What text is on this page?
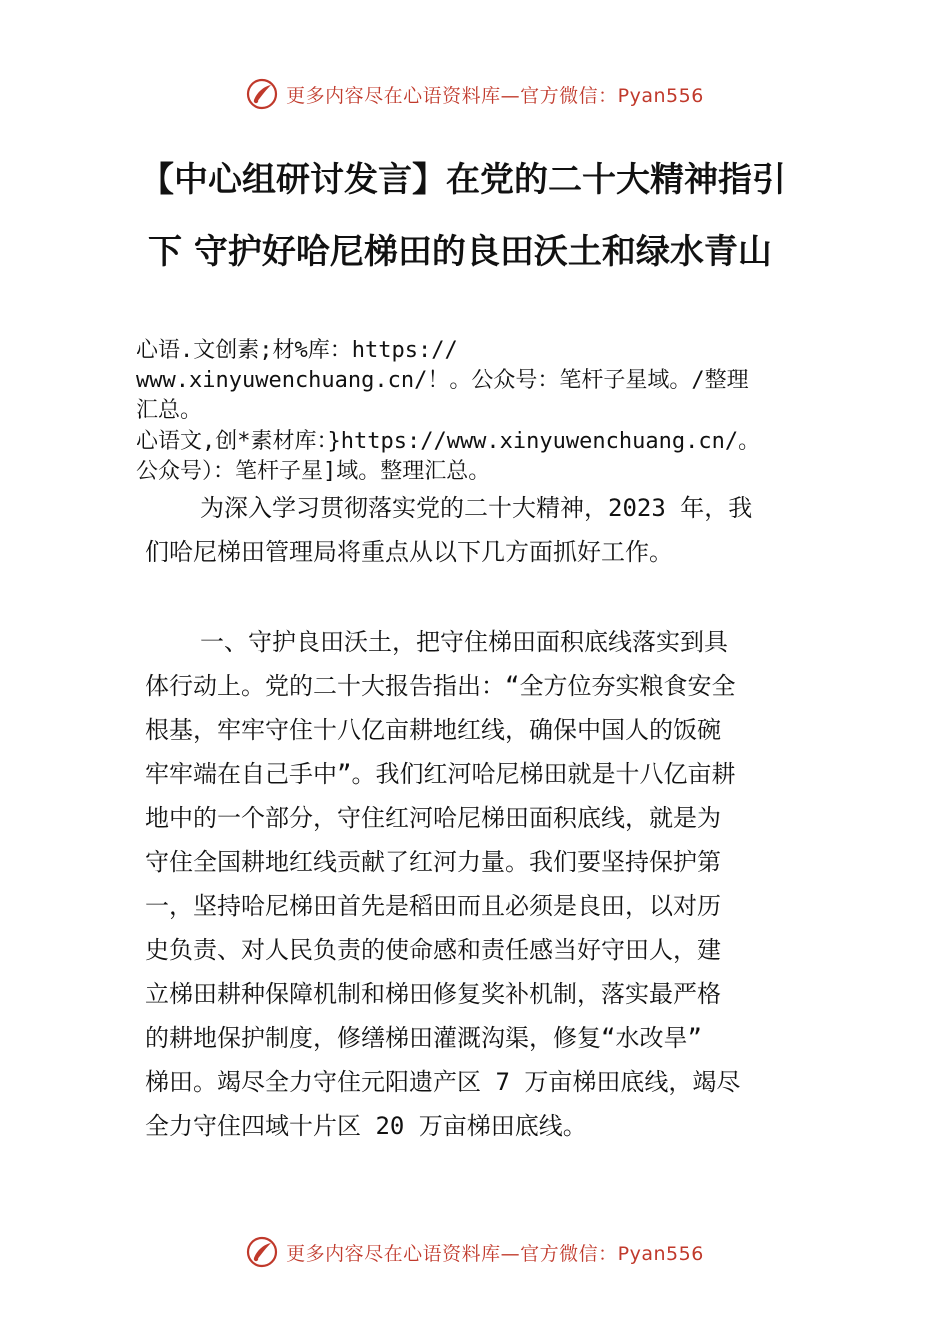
更多内容尽在心语资料库—官方微信：Pyan556
【中心组研讨发言】在党的二十大精神指引
下 守护好哈尼梯田的良田沃土和绿水青山
心语.文创素;材%库：https://
www.xinyuwenchuang.cn/！。公众号：笔杆子星域。/整理
汇总。
心语文,创*素材库：}https://www.xinyuwenchuang.cn/。
公众号）：笔杆子星]域。整理汇总。
为深入学习贯彻落实党的二十大精神，2023 年，我
们哈尼梯田管理局将重点从以下几方面抓好工作。
一、守护良田沃土，把守住梯田面积底线落实到具
体行动上。党的二十大报告指出：“全方位夯实粮食安全
根基，牢牢守住十八亿亩耕地红线，确保中国人的饭碗
牢牢端在自己手中”。我们红河哈尼梯田就是十八亿亩耕
地中的一个部分，守住红河哈尼梯田面积底线，就是为
守住全国耕地红线贡献了红河力量。我们要坚持保护第
一，坚持哈尼梯田首先是稻田而且必须是良田，以对历
史负责、对人民负责的使命感和责任感当好守田人，建
立梯田耕种保障机制和梯田修复奖补机制，落实最严格
的耕地保护制度，修缮梯田灌溉沟渠，修复“水改旱”
梯田。竭尽全力守住元阳遗产区 7 万亩梯田底线，竭尽
全力守住四域十片区 20 万亩梯田底线。
更多内容尽在心语资料库—官方微信：Pyan556
